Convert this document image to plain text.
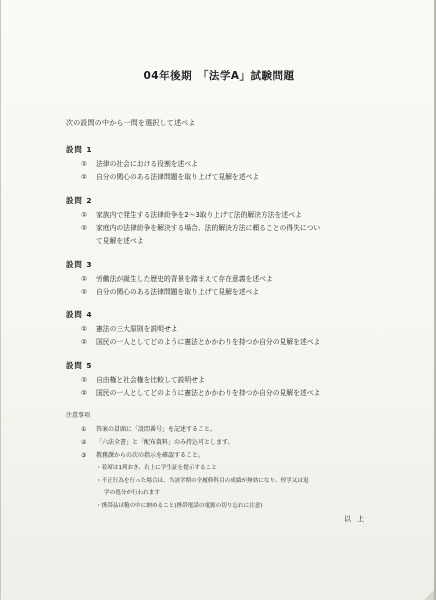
04年後期　「法学A」試験問題
次の設問の中から一問を選択して述べよ
設問 1
① 法律の社会における役割を述べよ
② 自分の関心のある法律問題を取り上げて見解を述べよ
設問 2
① 家族内で発生する法律紛争を2～3取り上げて法的解決方法を述べよ
② 家庭内の法律紛争を解決する場合、法的解決方法に頼ることの得失につい
て見解を述べよ
設問 3
① 労働法が誕生した歴史的背景を踏まえて存在意義を述べよ
② 自分の関心のある法律問題を取り上げて見解を述べよ
設問 4
① 憲法の三大原則を説明せよ
② 国民の一人としてどのように憲法とかかわりを持つか自分の見解を述べよ
設問 5
① 自由権と社会権を比較して説明せよ
② 国民の一人としてどのように憲法とかかわりを持つか自分の見解を述べよ
注意事項
① 答案の冒頭に「設問番号」を記述すること。
② 「六法全書」と「配布資料」のみ持込可とします。
③ 教務課からの次の指示を確認すること。
・着席は1列おき、右上に学生証を提示すること
・不正行為を行った場合は、当該学期の全履修科目の成績が無効になり、停学又は退
学の処分が行われます
・携帯品は鞄の中に納めること(携帯電話の電源の切り忘れに注意)
以上
